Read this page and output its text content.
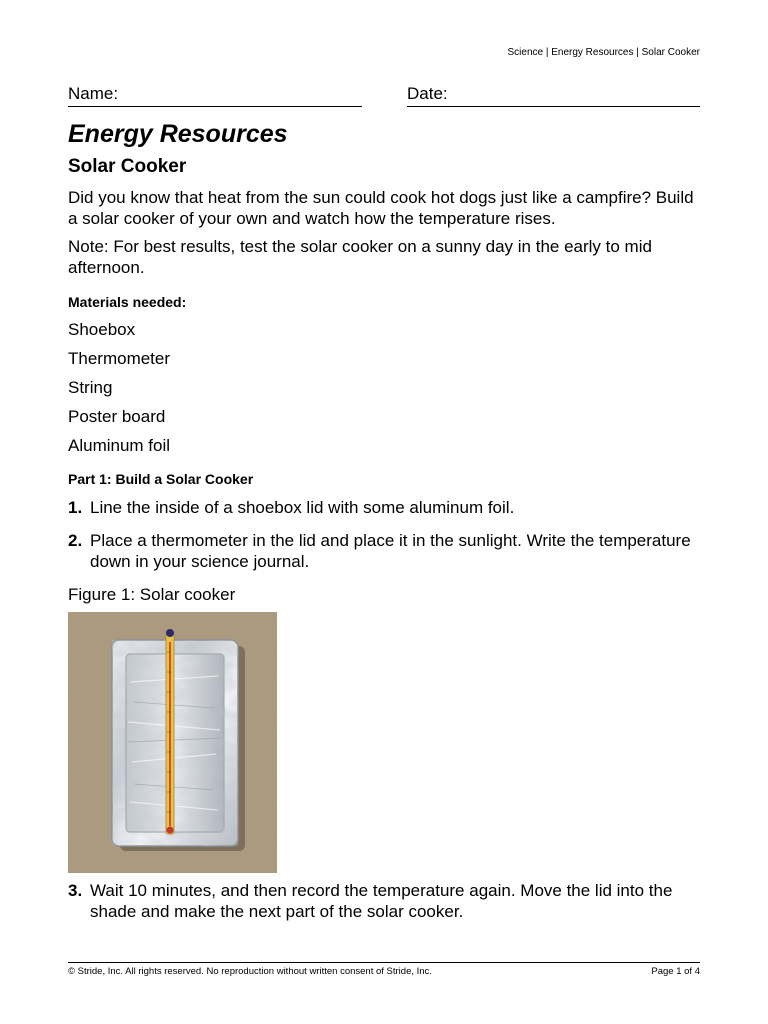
Science | Energy Resources | Solar Cooker
Name:	Date:
Energy Resources
Solar Cooker

Did you know that heat from the sun could cook hot dogs just like a campfire? Build a solar cooker of your own and watch how the temperature rises.

Note: For best results, test the solar cooker on a sunny day in the early to mid afternoon.

Materials needed:
Shoebox
Thermometer
String
Poster board
Aluminum foil
Part 1: Build a Solar Cooker
1. Line the inside of a shoebox lid with some aluminum foil.
2. Place a thermometer in the lid and place it in the sunlight. Write the temperature down in your science journal.

Figure 1: Solar cooker

3. Wait 10 minutes, and then record the temperature again. Move the lid into the shade and make the next part of the solar cooker.
© Stride, Inc. All rights reserved. No reproduction without written consent of Stride, Inc.	Page 1 of 4
